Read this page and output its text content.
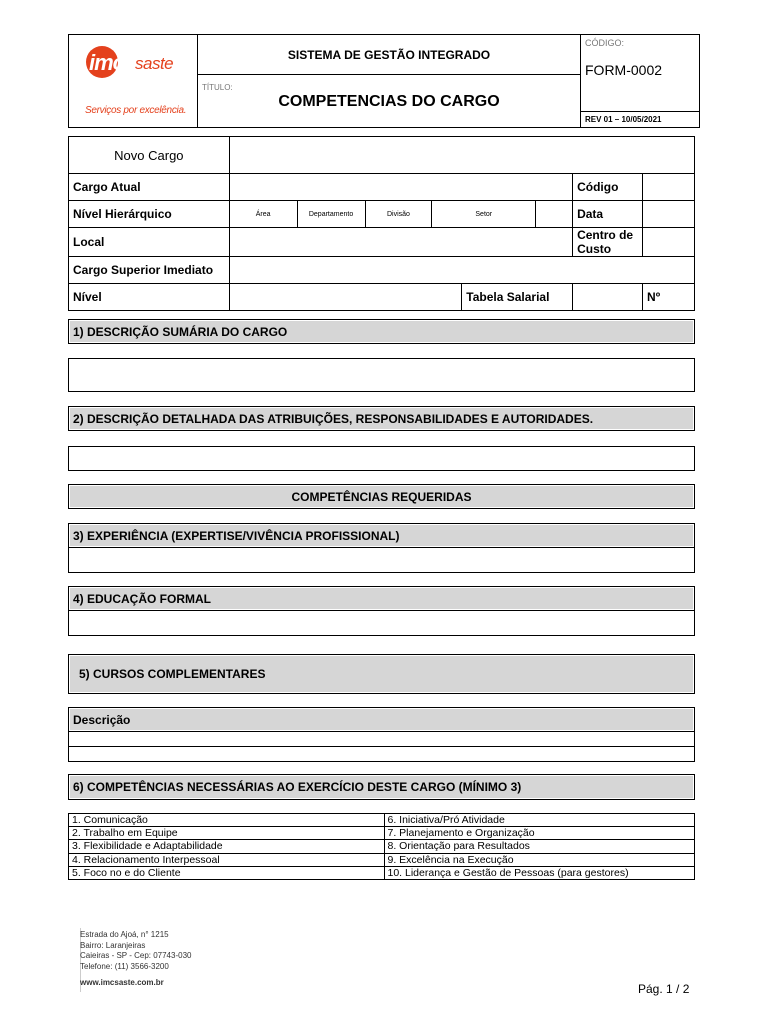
imc saste
Serviços por excelência.
SISTEMA DE GESTÃO INTEGRADO
TÍTULO:
COMPETENCIAS DO CARGO
CÓDIGO:
FORM-0002
REV 01 – 10/05/2021
Novo Cargo								
Cargo Atual							Código	
Nível Hierárquico	Área	Departamento	Divisão	Setor			Data	
Local							Centro de Custo	
Cargo Superior Imediato								
Nível					Tabela Salarial			Nº
1) DESCRIÇÃO SUMÁRIA DO CARGO
2) DESCRIÇÃO DETALHADA DAS ATRIBUIÇÕES, RESPONSABILIDADES E AUTORIDADES.
COMPETÊNCIAS REQUERIDAS
3) EXPERIÊNCIA (EXPERTISE/VIVÊNCIA PROFISSIONAL)
4) EDUCAÇÃO FORMAL
5) CURSOS COMPLEMENTARES
Descrição
6) COMPETÊNCIAS NECESSÁRIAS AO EXERCÍCIO DESTE CARGO (MÍNIMO 3)
1. Comunicação	6. Iniciativa/Pró Atividade
2. Trabalho em Equipe	7. Planejamento e Organização
3. Flexibilidade e Adaptabilidade	8. Orientação para Resultados
4. Relacionamento Interpessoal	9. Excelência na Execução
5. Foco no e do Cliente	10. Liderança e Gestão de Pessoas (para gestores)
Estrada do Ajoá, n° 1215
Bairro: Laranjeiras
Caieiras - SP - Cep: 07743-030
Telefone: (11) 3566-3200
www.imcsaste.com.br	Pág. 1 / 2
